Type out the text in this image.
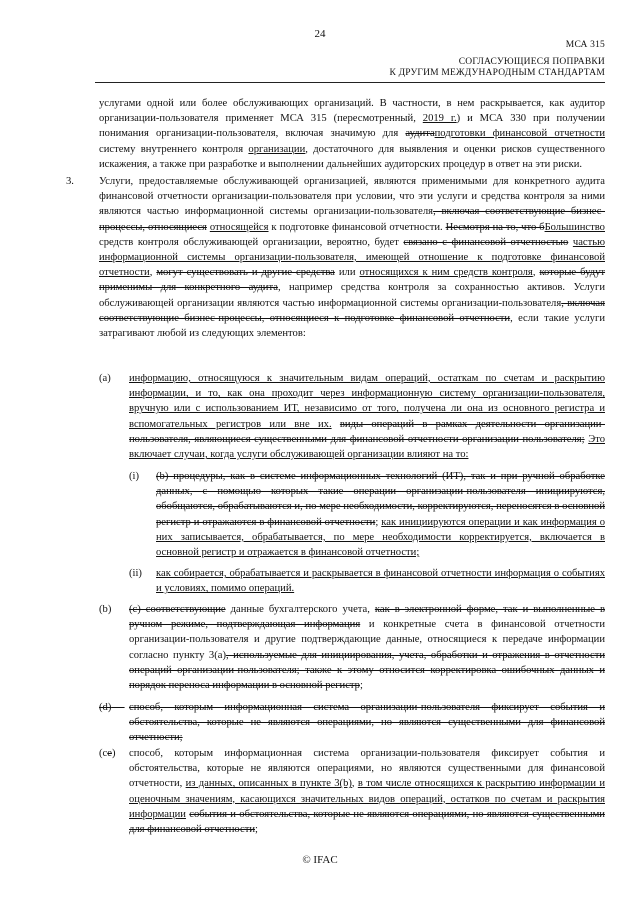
24
МСА 315
СОГЛАСУЮЩИЕСЯ ПОПРАВКИ
К ДРУГИМ МЕЖДУНАРОДНЫМ СТАНДАРТАМ
услугами одной или более обслуживающих организаций. В частности, в нем раскрывается, как аудитор организации-пользователя применяет МСА 315 (пересмотренный, 2019 г.) и МСА 330 при получении понимания организации-пользователя, включая значимую для аудитаподготовки финансовой отчетности систему внутреннего контроля организации, достаточного для выявления и оценки рисков существенного искажения, а также при разработке и выполнении дальнейших аудиторских процедур в ответ на эти риски.
3. Услуги, предоставляемые обслуживающей организацией, являются применимыми для конкретного аудита финансовой отчетности организации-пользователя при условии, что эти услуги и средства контроля за ними являются частью информационной системы организации-пользователя, включая соответствующие бизнес-процессы, относящиеся относящейся к подготовке финансовой отчетности. Несмотря на то, что бБольшинство средств контроля обслуживающей организации, вероятно, будет связано с финансовой отчетностью частью информационной системы организации-пользователя, имеющей отношение к подготовке финансовой отчетности, могут существовать и другие средства или относящихся к ним средств контроля, которые будут применимы для конкретного аудита, например средства контроля за сохранностью активов. Услуги обслуживающей организации являются частью информационной системы организации-пользователя, включая соответствующие бизнес-процессы, относящиеся к подготовке финансовой отчетности, если такие услуги затрагивают любой из следующих элементов:
(a) информацию, относящуюся к значительным видам операций, остаткам по счетам и раскрытию информации, и то, как она проходит через информационную систему организации-пользователя, вручную или с использованием ИТ, независимо от того, получена ли она из основного регистра и вспомогательных регистров или вне их. виды операций в рамках деятельности организации-пользователя, являющиеся существенными для финансовой отчетности организации-пользователя; Это включает случаи, когда услуги обслуживающей организации влияют на то:
(i) (b) процедуры, как в системе информационных технологий (ИТ), так и при ручной обработке данных, с помощью которых такие операции организации-пользователя инициируются, обобщаются, обрабатываются и, по мере необходимости, корректируются, переносятся в основной регистр и отражаются в финансовой отчетности; как инициируются операции и как информация о них записывается, обрабатывается, по мере необходимости корректируется, включается в основной регистр и отражается в финансовой отчетности;
(ii) как собирается, обрабатывается и раскрывается в финансовой отчетности информация о событиях и условиях, помимо операций.
(b) (c) соответствующие данные бухгалтерского учета, как в электронной форме, так и выполненные в ручном режиме, подтверждающая информация и конкретные счета в финансовой отчетности организации-пользователя и другие подтверждающие данные, относящиеся к передаче информации согласно пункту 3(a), используемые для инициирования, учета, обработки и отражения в отчетности операций организации-пользователя; также к этому относится корректировка ошибочных данных и порядок переноса информации в основной регистр;
(d) --- способ, которым информационная система организации-пользователя фиксирует события и обстоятельства, которые не являются операциями, но являются существенными для финансовой отчетности;
(ce) способ, которым информационная система организации-пользователя фиксирует события и обстоятельства, которые не являются операциями, но являются существенными для финансовой отчетности, из данных, описанных в пункте 3(b), в том числе относящихся к раскрытию информации и оценочным значениям, касающихся значительных видов операций, остатков по счетам и раскрытия информации события и обстоятельства, которые не являются операциями, но являются существенными для финансовой отчетности;
© IFAC
